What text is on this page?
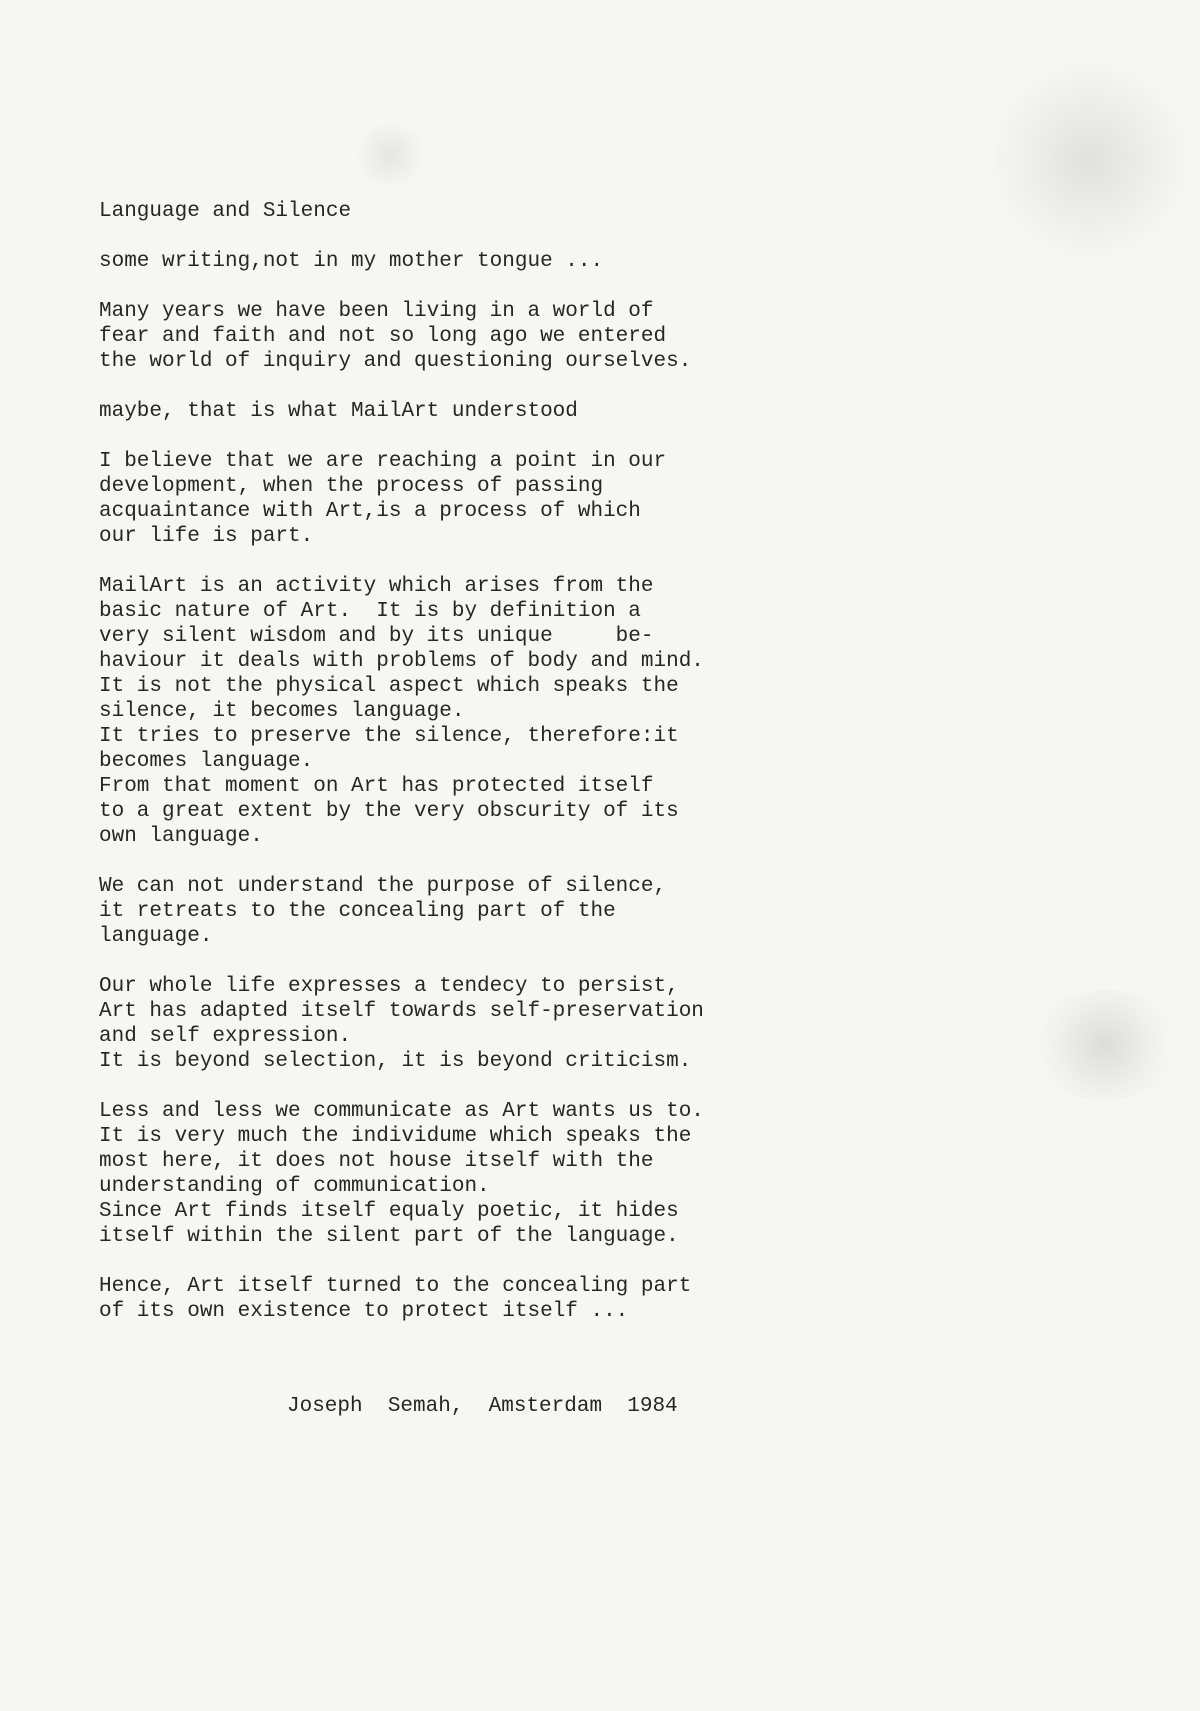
Language and Silence
some writing,not in my mother tongue ...
Many years we have been living in a world of
fear and faith and not so long ago we entered
the world of inquiry and questioning ourselves.
maybe, that is what MailArt understood
I believe that we are reaching a point in our
development, when the process of passing
acquaintance with Art,is a process of which
our life is part.
MailArt is an activity which arises from the
basic nature of Art.  It is by definition a
very silent wisdom and by its unique     be-
haviour it deals with problems of body and mind.
It is not the physical aspect which speaks the
silence, it becomes language.
It tries to preserve the silence, therefore:it
becomes language.
From that moment on Art has protected itself
to a great extent by the very obscurity of its
own language.
We can not understand the purpose of silence,
it retreats to the concealing part of the
language.
Our whole life expresses a tendecy to persist,
Art has adapted itself towards self-preservation
and self expression.
It is beyond selection, it is beyond criticism.
Less and less we communicate as Art wants us to.
It is very much the individume which speaks the
most here, it does not house itself with the
understanding of communication.
Since Art finds itself equaly poetic, it hides
itself within the silent part of the language.
Hence, Art itself turned to the concealing part
of its own existence to protect itself ...
Joseph  Semah,  Amsterdam  1984
